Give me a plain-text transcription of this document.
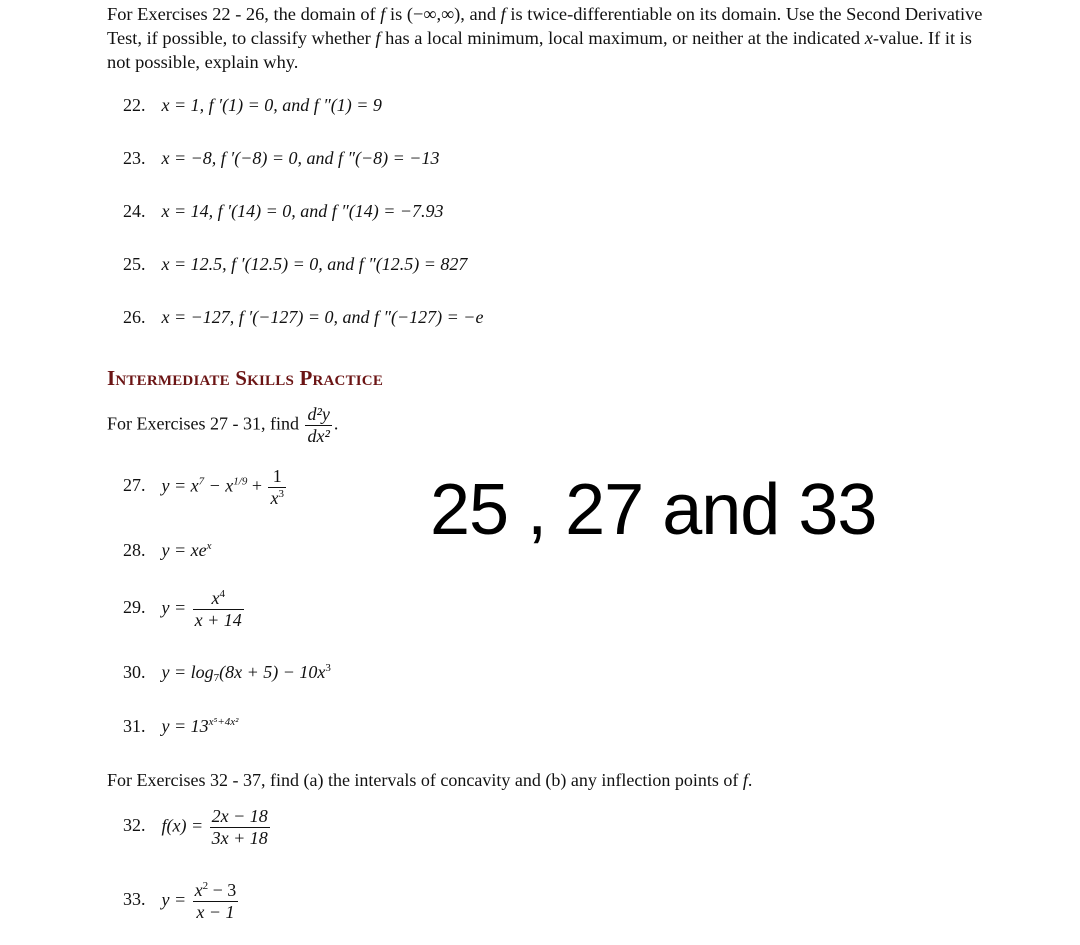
For Exercises 22 - 26, the domain of f is (−∞,∞), and f is twice-differentiable on its domain. Use the Second Derivative Test, if possible, to classify whether f has a local minimum, local maximum, or neither at the indicated x-value. If it is not possible, explain why.
22. x = 1, f ′(1) = 0, and f ″(1) = 9
23. x = −8, f ′(−8) = 0, and f ″(−8) = −13
24. x = 14, f ′(14) = 0, and f ″(14) = −7.93
25. x = 12.5, f ′(12.5) = 0, and f ″(12.5) = 827
26. x = −127, f ′(−127) = 0, and f ″(−127) = −e
Intermediate Skills Practice
For Exercises 27 - 31, find $\frac{\text{d²y}}{\text{dx²}}$ .
27. $y = x^7 - x^{1/9} + \frac{1}{x^3}$
28. $y = xe^x$
29. $y = \frac{x^4}{x + 14}$
30. $y = \log_7(8x + 5) - 10x^3$
31. $y = 13^{x^5+4x^2}$
For Exercises 32 - 37, find (a) the intervals of concavity and (b) any inflection points of f.
32. $f(x) = \frac{2x - 18}{3x + 18}$
33. $y = \frac{x^2 - 3}{x - 1}$
25 , 27 and 33
